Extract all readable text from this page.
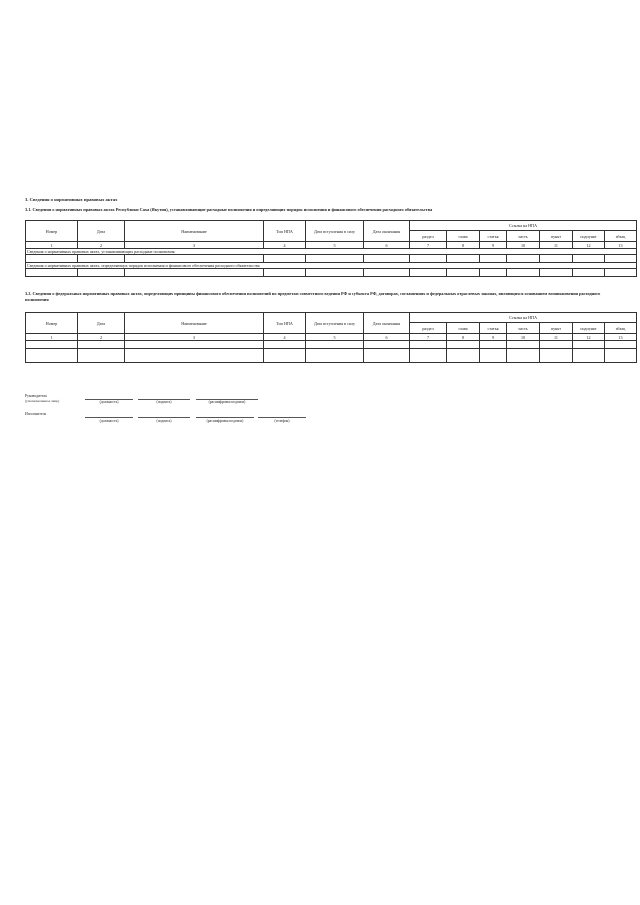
3. Сведения о нормативных правовых актах
3.1. Сведения о нормативных правовых актах Республики Саха (Якутия), устанавливающие расходные полномочия и определяющих порядок исполнения и финансового обеспечения расходного обязательства
Номер	Дата	Наименование	Тип НПА	Дата вступления в силу	Дата окончания	Ссылка на НПА						
						раздел	глава	статья	часть	пункт	подпункт	абзац
1	2	3	4	5	6	7	8	9	10	11	12	13
Сведения о нормативных правовых актах, устанавливающих расходные полномочия												

Сведения о нормативных правовых актах, определяющих порядок исполнения и финансового обеспечения расходного обязательства												

3.2. Сведения о федеральных нормативных правовых актах, определяющих принципы финансового обеспечения полномочий по предметам совместного ведения РФ и субъекта РФ, договорах, соглашениях и федеральных отраслевых законах, являющихся основанием возникновения расходного полномочия
Номер	Дата	Наименование	Тип НПА	Дата вступления в силу	Дата окончания	Ссылка на НПА						
						раздел	глава	статья	часть	пункт	подпункт	абзац
1	2	3	4	5	6	7	8	9	10	11	12	13

Руководитель
(уполномоченное лицо)	(должность)	(подпись)	(расшифровка подписи)
Исполнитель
(должность)	(подпись)	(расшифровка подписи)	(телефон)
